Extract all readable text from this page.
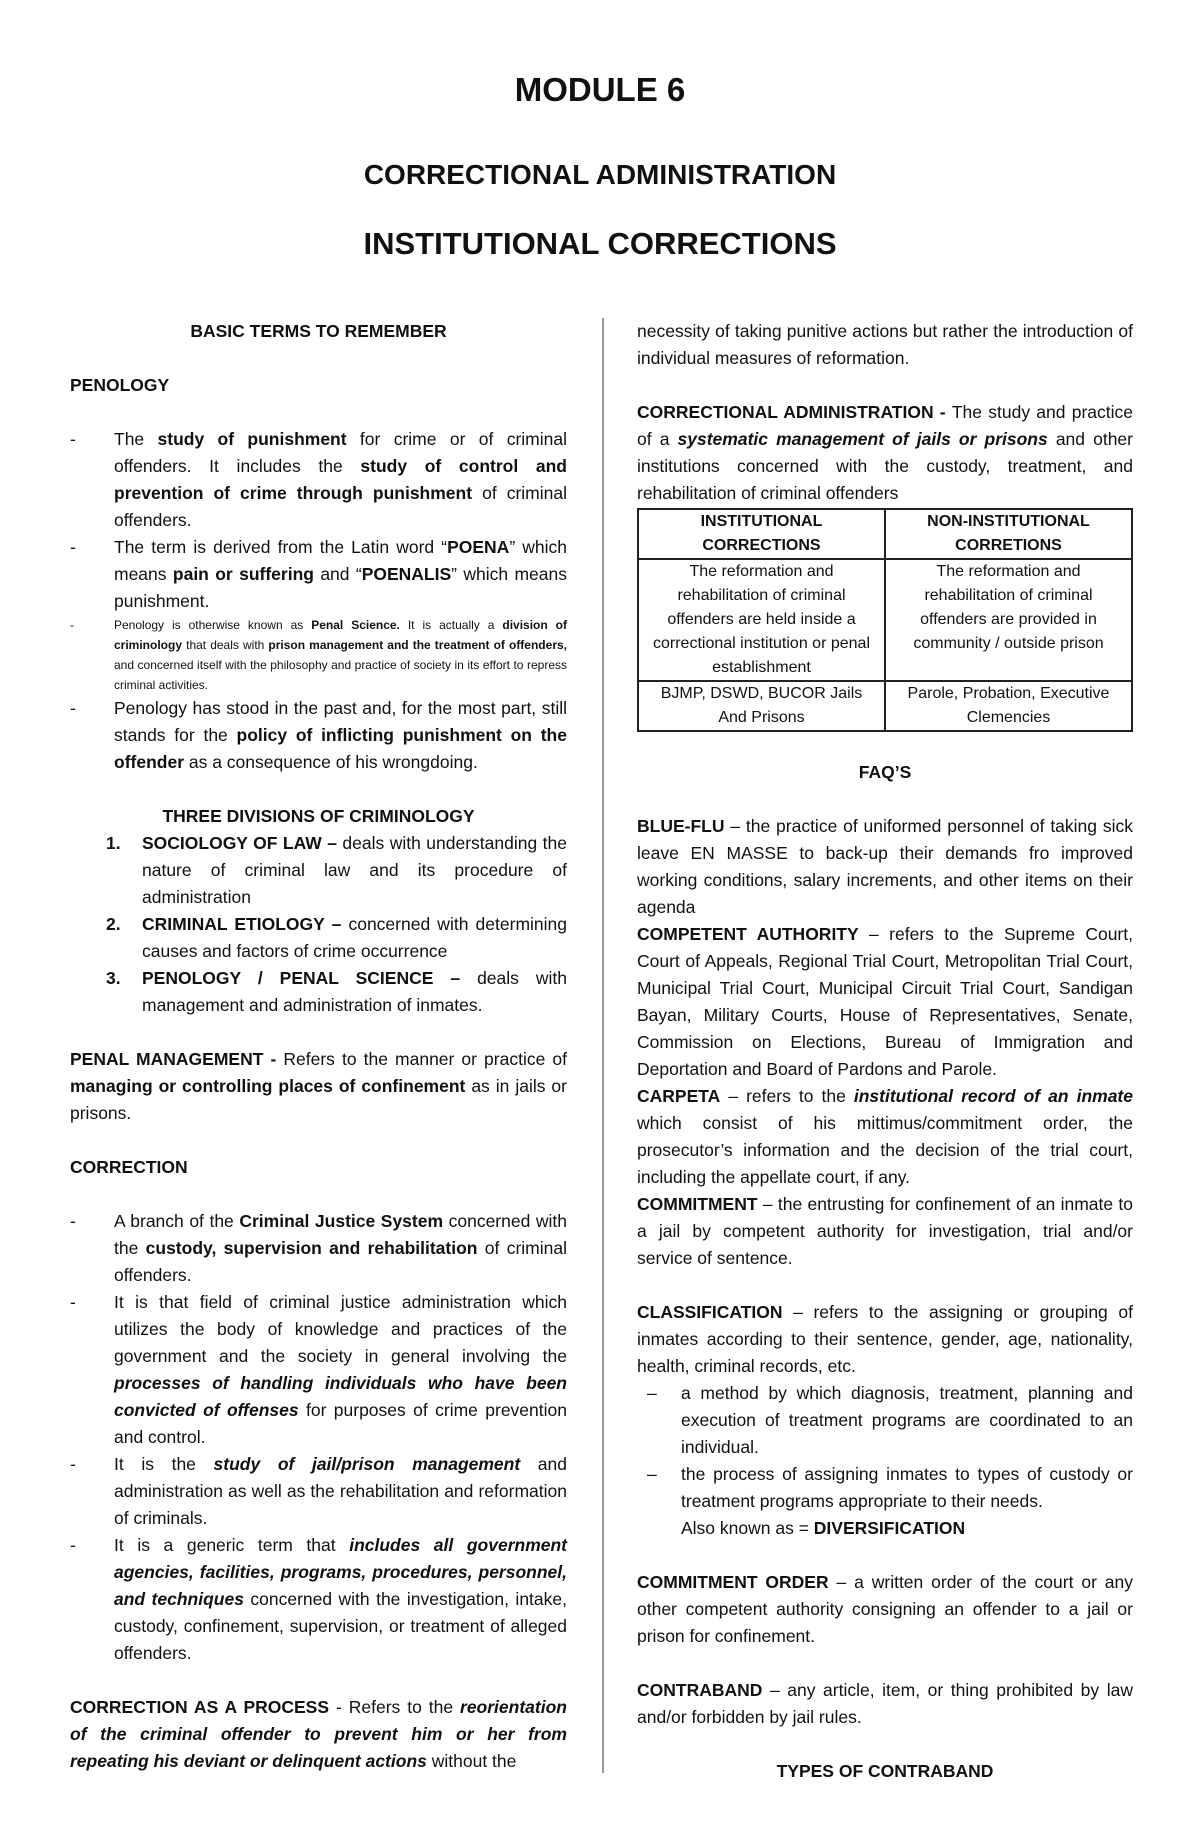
MODULE 6
CORRECTIONAL ADMINISTRATION
INSTITUTIONAL CORRECTIONS

BASIC TERMS TO REMEMBER

PENOLOGY

- The study of punishment for crime or of criminal offenders. It includes the study of control and prevention of crime through punishment of criminal offenders.
- The term is derived from the Latin word “POENA” which means pain or suffering and “POENALIS” which means punishment.
-	Penology is otherwise known as Penal Science. It is actually a division of criminology that deals with prison management and the treatment of offenders, and concerned itself with the philosophy and practice of society in its effort to repress criminal activities.
- Penology has stood in the past and, for the most part, still stands for the policy of inflicting punishment on the offender as a consequence of his wrongdoing.

THREE DIVISIONS OF CRIMINOLOGY

1. SOCIOLOGY OF LAW – deals with understanding the nature of criminal law and its procedure of administration
2. CRIMINAL ETIOLOGY – concerned with determining causes and factors of crime occurrence
3. PENOLOGY / PENAL SCIENCE – deals with management and administration of inmates.

PENAL MANAGEMENT - Refers to the manner or practice of managing or controlling places of confinement as in jails or prisons.

CORRECTION

- A branch of the Criminal Justice System concerned with the custody, supervision and rehabilitation of criminal offenders.
- It is that field of criminal justice administration which utilizes the body of knowledge and practices of the government and the society in general involving the processes of handling individuals who have been convicted of offenses for purposes of crime prevention and control.
- It is the study of jail/prison management and administration as well as the rehabilitation and reformation of criminals.
- It is a generic term that includes all government agencies, facilities, programs, procedures, personnel, and techniques concerned with the investigation, intake, custody, confinement, supervision, or treatment of alleged offenders.

CORRECTION AS A PROCESS - Refers to the reorientation of the criminal offender to prevent him or her from repeating his deviant or delinquent actions without the

necessity of taking punitive actions but rather the introduction of individual measures of reformation.

CORRECTIONAL ADMINISTRATION - The study and practice of a systematic management of jails or prisons and other institutions concerned with the custody, treatment, and rehabilitation of criminal offenders

INSTITUTIONAL CORRECTIONS	NON-INSTITUTIONAL CORRETIONS
The reformation and rehabilitation of criminal offenders are held inside a correctional institution or penal establishment	The reformation and rehabilitation of criminal offenders are provided in community / outside prison
BJMP, DSWD, BUCOR Jails And Prisons	Parole, Probation, Executive Clemencies

FAQ’S

BLUE-FLU – the practice of uniformed personnel of taking sick leave EN MASSE to back-up their demands fro improved working conditions, salary increments, and other items on their agenda

COMPETENT AUTHORITY – refers to the Supreme Court, Court of Appeals, Regional Trial Court, Metropolitan Trial Court, Municipal Trial Court, Municipal Circuit Trial Court, Sandigan Bayan, Military Courts, House of Representatives, Senate, Commission on Elections, Bureau of Immigration and Deportation and Board of Pardons and Parole.

CARPETA – refers to the institutional record of an inmate which consist of his mittimus/commitment order, the prosecutor’s information and the decision of the trial court, including the appellate court, if any.

COMMITMENT – the entrusting for confinement of an inmate to a jail by competent authority for investigation, trial and/or service of sentence.

CLASSIFICATION – refers to the assigning or grouping of inmates according to their sentence, gender, age, nationality, health, criminal records, etc.

– a method by which diagnosis, treatment, planning and execution of treatment programs are coordinated to an individual.
– the process of assigning inmates to types of custody or treatment programs appropriate to their needs.
Also known as = DIVERSIFICATION

COMMITMENT ORDER – a written order of the court or any other competent authority consigning an offender to a jail or prison for confinement.

CONTRABAND – any article, item, or thing prohibited by law and/or forbidden by jail rules.

TYPES OF CONTRABAND
